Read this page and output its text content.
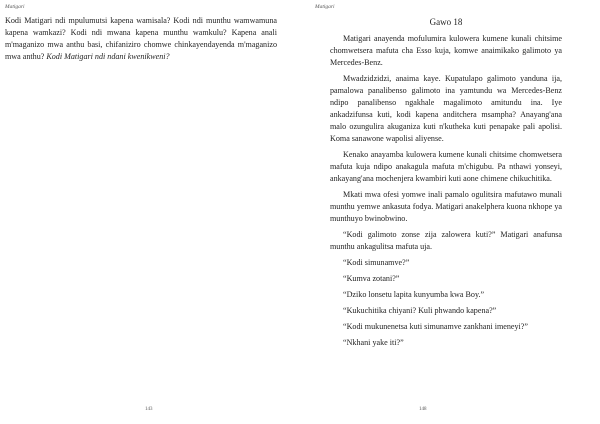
Matigari

Kodi Matigari ndi mpulumutsi kapena wamisala? Kodi ndi munthu wamwamuna kapena wamkazi? Kodi ndi mwana kapena munthu wamkulu? Kapena anali m'maganizo mwa anthu basi, chifaniziro chomwe chinkayendayenda m'maganizo mwa anthu? Kodi Matigari ndi ndani kwenikweni?

143
Matigari
Gawo 18

Matigari anayenda mofulumira kulowera kumene kunali chitsime chomwetsera mafuta cha Esso kuja, komwe anaimikako galimoto ya Mercedes-Benz.

Mwadzidzidzi, anaima kaye. Kupatulapo galimoto yanduna ija, pamalowa panalibenso galimoto ina yamtundu wa Mercedes-Benz ndipo panalibenso ngakhale magalimoto amitundu ina. Iye ankadzifunsa kuti, kodi kapena anditchera msampha? Anayang'ana malo ozungulira akuganiza kuti n'kutheka kuti penapake pali apolisi. Koma sanawone wapolisi aliyense.

Kenako anayamba kulowera kumene kunali chitsime chomwetsera mafuta kuja ndipo anakagula mafuta m'chigubu. Pa nthawi yonseyi, ankayang'ana mochenjera kwambiri kuti aone chimene chikuchitika.

Mkati mwa ofesi yomwe inali pamalo ogulitsira mafutawo munali munthu yemwe ankasuta fodya. Matigari anakelphera kuona nkhope ya munthuyo bwinobwino.

“Kodi galimoto zonse zija zalowera kuti?” Matigari anafunsa munthu ankagulitsa mafuta uja.

“Kodi simunamve?”

“Kumva zotani?”

“Dziko lonsetu lapita kunyumba kwa Boy.”

“Kukuchitika chiyani? Kuli phwando kapena?”

“Kodi mukunenetsa kuti simunamve zankhani imeneyi?”

“Nkhani yake iti?”

148
